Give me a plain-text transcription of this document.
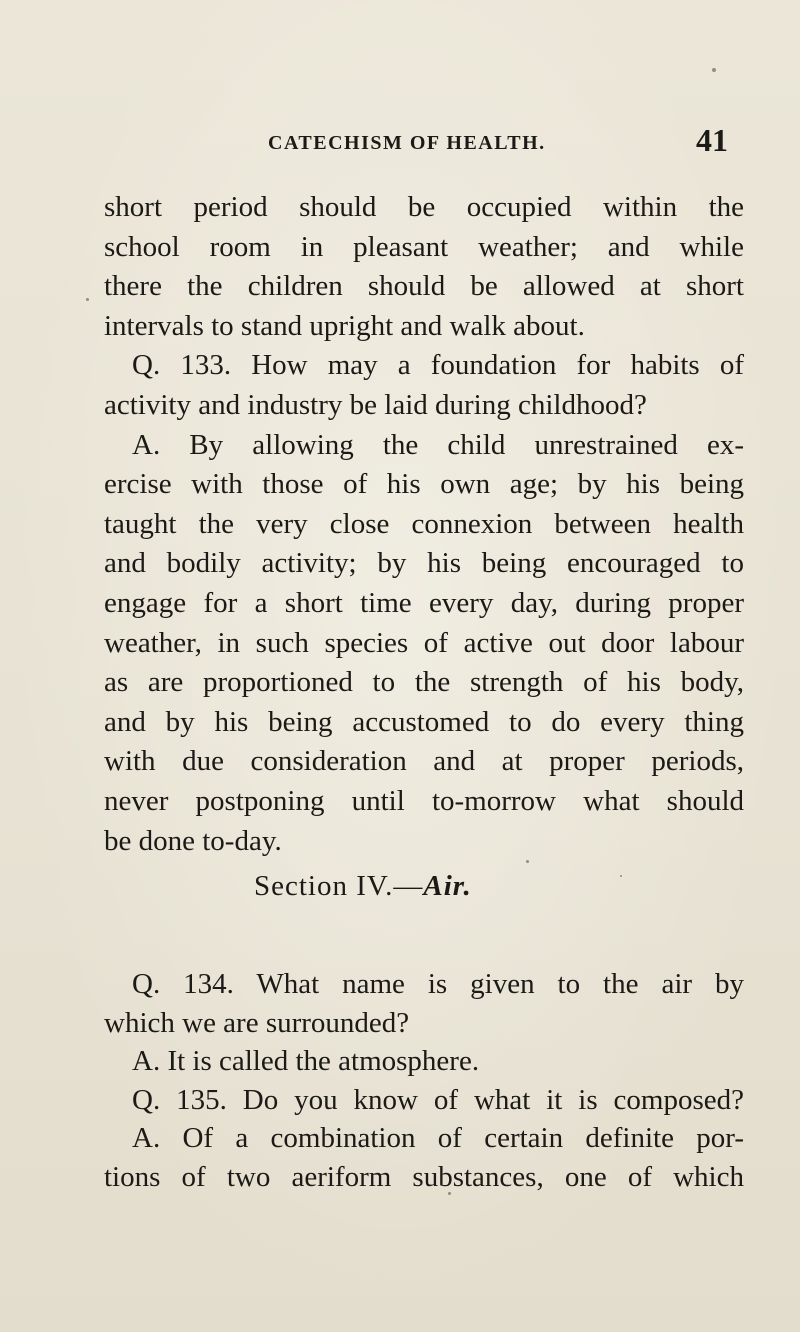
CATECHISM OF HEALTH.	41
short period should be occupied within the
school room in pleasant weather; and while
there the children should be allowed at short
intervals to stand upright and walk about.
Q. 133. How may a foundation for habits of
activity and industry be laid during childhood?
A. By allowing the child unrestrained ex-
ercise with those of his own age; by his being
taught the very close connexion between health
and bodily activity; by his being encouraged to
engage for a short time every day, during proper
weather, in such species of active out door labour
as are proportioned to the strength of his body,
and by his being accustomed to do every thing
with due consideration and at proper periods,
never postponing until to-morrow what should
be done to-day.
Section IV.—Air.
Q. 134. What name is given to the air by
which we are surrounded?
A. It is called the atmosphere.
Q. 135. Do you know of what it is composed?
A. Of a combination of certain definite por-
tions of two aeriform substances, one of which
